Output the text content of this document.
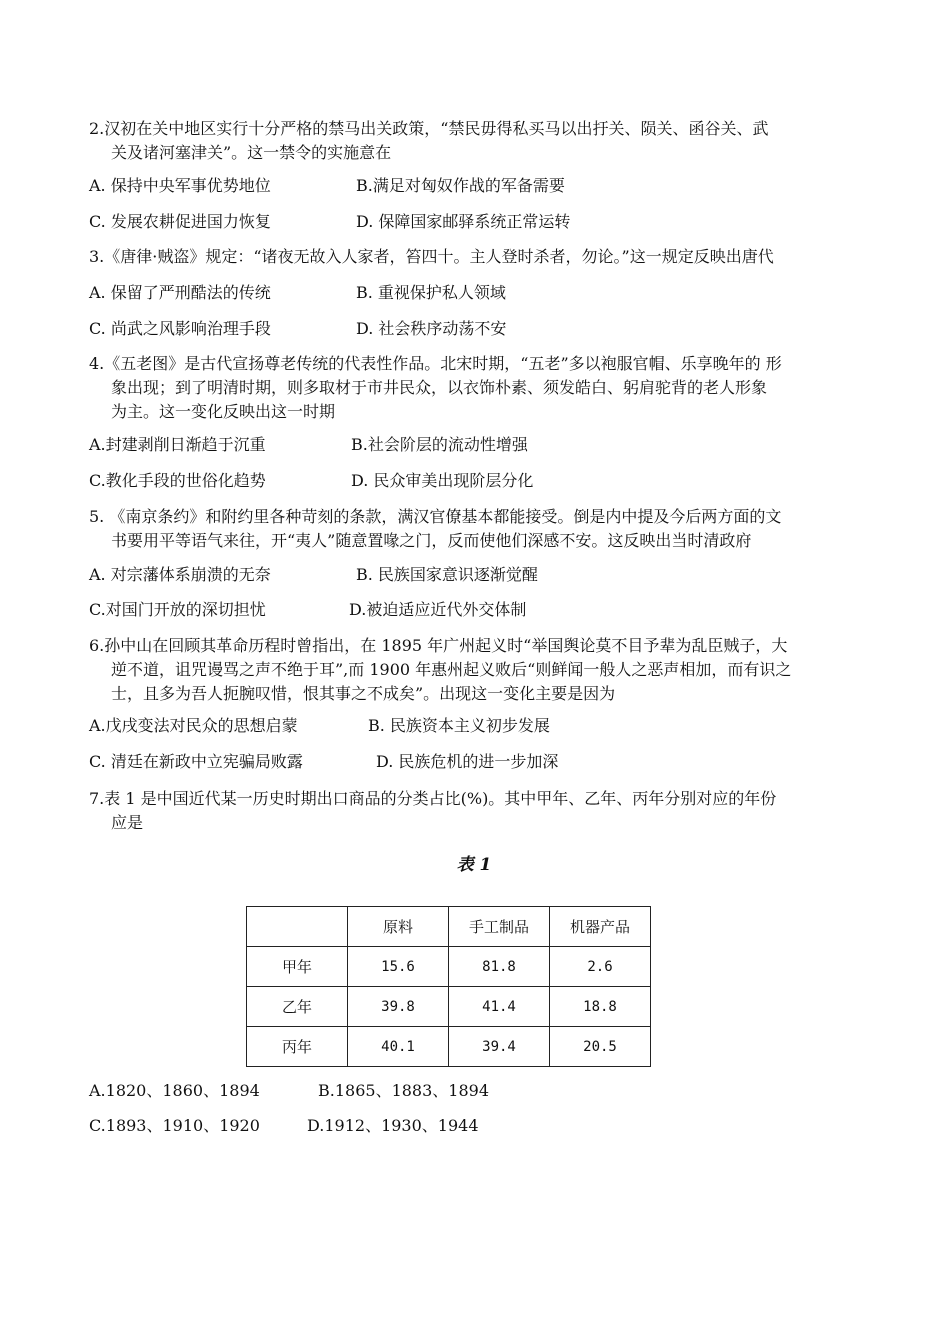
2.汉初在关中地区实行十分严格的禁马出关政策，“禁民毋得私买马以出扜关、陨关、函谷关、武
关及诸河塞津关”。这一禁令的实施意在
A. 保持中央军事优势地位	B.满足对匈奴作战的军备需要
C. 发展农耕促进国力恢复	D. 保障国家邮驿系统正常运转
3.《唐律·贼盗》规定：“诸夜无故入人家者，笞四十。主人登时杀者，勿论。”这一规定反映出唐代
A. 保留了严刑酷法的传统	B. 重视保护私人领域
C. 尚武之风影响治理手段	D. 社会秩序动荡不安
4.《五老图》是古代宣扬尊老传统的代表性作品。北宋时期，“五老”多以袍服官帽、乐享晚年的 形
象出现；到了明清时期，则多取材于市井民众，以衣饰朴素、须发皓白、躬肩驼背的老人形象
为主。这一变化反映出这一时期
A.封建剥削日渐趋于沉重	B.社会阶层的流动性增强
C.教化手段的世俗化趋势	D. 民众审美出现阶层分化
5. 《南京条约》和附约里各种苛刻的条款，满汉官僚基本都能接受。倒是内中提及今后两方面的文
书要用平等语气来往，开“夷人”随意置喙之门，反而使他们深感不安。这反映出当时清政府
A. 对宗藩体系崩溃的无奈	B. 民族国家意识逐渐觉醒
C.对国门开放的深切担忧	D.被迫适应近代外交体制
6.孙中山在回顾其革命历程时曾指出，在 1895 年广州起义时“举国舆论莫不目予辈为乱臣贼子，大
逆不道，诅咒谩骂之声不绝于耳”,而 1900 年惠州起义败后“则鲜闻一般人之恶声相加，而有识之
士，且多为吾人扼腕叹惜，恨其事之不成矣”。出现这一变化主要是因为
A.戊戌变法对民众的思想启蒙	B. 民族资本主义初步发展
C. 清廷在新政中立宪骗局败露	D. 民族危机的进一步加深
7.表 1 是中国近代某一历史时期出口商品的分类占比(%)。其中甲年、乙年、丙年分别对应的年份
应是
表 1
	原料	手工制品	机器产品
甲年	15.6	81.8	2.6
乙年	39.8	41.4	18.8
丙年	40.1	39.4	20.5
A.1820、1860、1894	B.1865、1883、1894
C.1893、1910、1920	D.1912、1930、1944
